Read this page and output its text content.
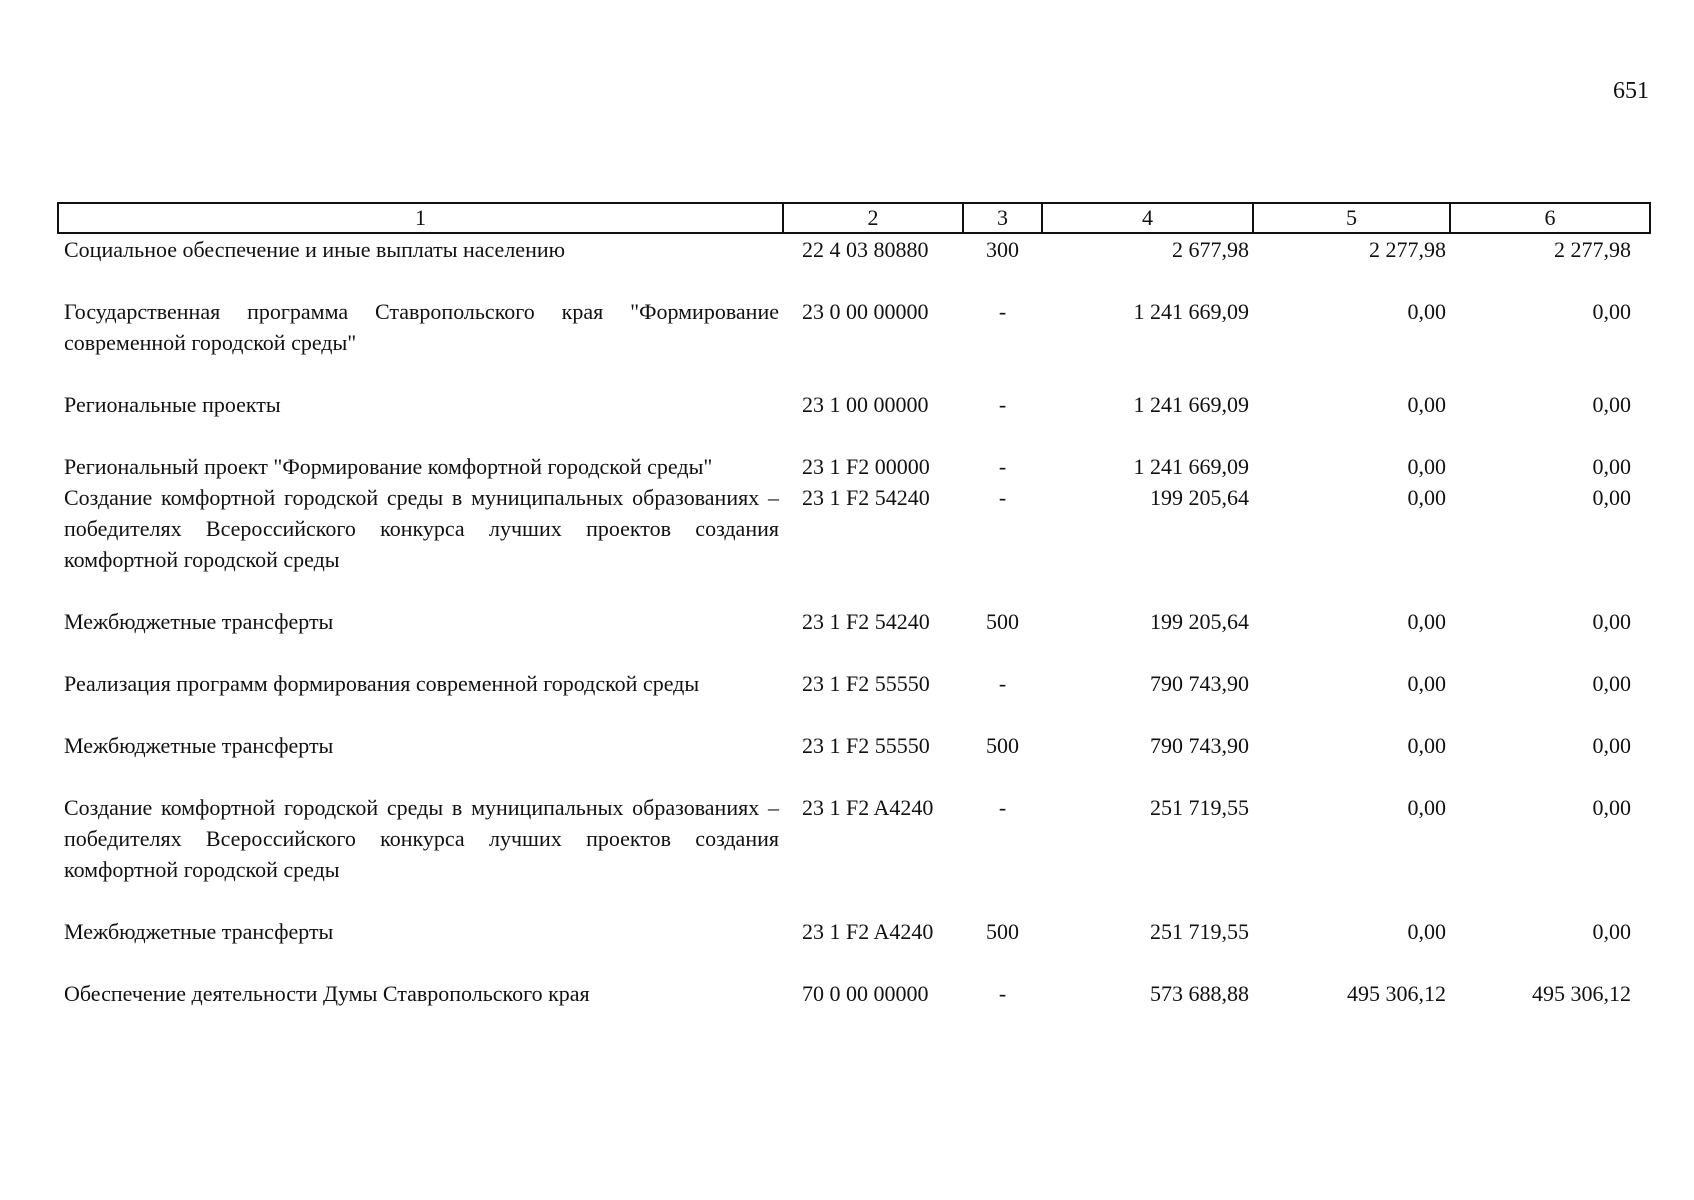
651
1	2	3	4	5	6
Социальное обеспечение и иные выплаты населению	22 4 03 80880	300	2 677,98	2 277,98	2 277,98
Государственная программа Ставропольского края "Формирование современной городской среды"	23 0 00 00000	-	1 241 669,09	0,00	0,00
Региональные проекты	23 1 00 00000	-	1 241 669,09	0,00	0,00
Региональный проект "Формирование комфортной городской среды"	23 1 F2 00000	-	1 241 669,09	0,00	0,00
Создание комфортной городской среды в муниципальных образованиях – победителях Всероссийского конкурса лучших проектов создания комфортной городской среды	23 1 F2 54240	-	199 205,64	0,00	0,00
Межбюджетные трансферты	23 1 F2 54240	500	199 205,64	0,00	0,00
Реализация программ формирования современной городской среды	23 1 F2 55550	-	790 743,90	0,00	0,00
Межбюджетные трансферты	23 1 F2 55550	500	790 743,90	0,00	0,00
Создание комфортной городской среды в муниципальных образованиях – победителях Всероссийского конкурса лучших проектов создания комфортной городской среды	23 1 F2 A4240	-	251 719,55	0,00	0,00
Межбюджетные трансферты	23 1 F2 A4240	500	251 719,55	0,00	0,00
Обеспечение деятельности Думы Ставропольского края	70 0 00 00000	-	573 688,88	495 306,12	495 306,12
